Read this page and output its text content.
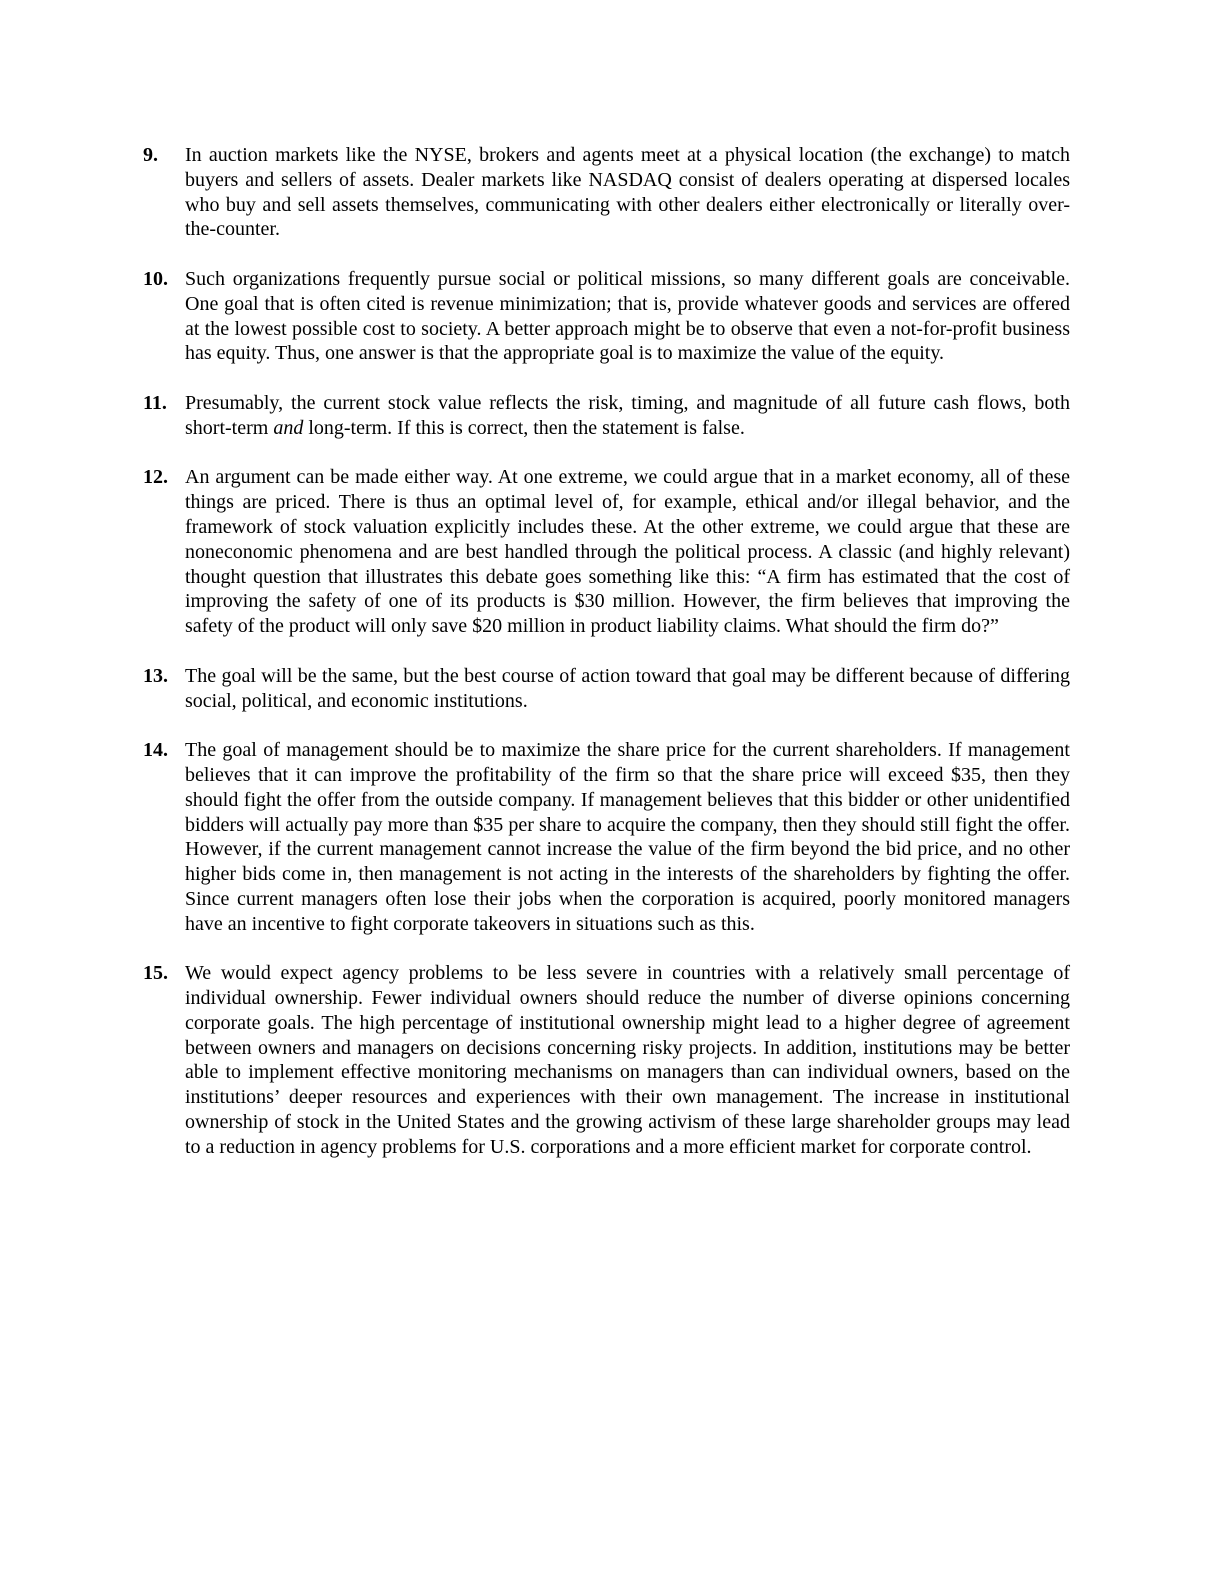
9.	In auction markets like the NYSE, brokers and agents meet at a physical location (the exchange) to match buyers and sellers of assets. Dealer markets like NASDAQ consist of dealers operating at dispersed locales who buy and sell assets themselves, communicating with other dealers either electronically or literally over-the-counter.

10. Such organizations frequently pursue social or political missions, so many different goals are conceivable. One goal that is often cited is revenue minimization; that is, provide whatever goods and services are offered at the lowest possible cost to society. A better approach might be to observe that even a not-for-profit business has equity. Thus, one answer is that the appropriate goal is to maximize the value of the equity.

11. Presumably, the current stock value reflects the risk, timing, and magnitude of all future cash flows, both short-term and long-term. If this is correct, then the statement is false.

12. An argument can be made either way. At one extreme, we could argue that in a market economy, all of these things are priced. There is thus an optimal level of, for example, ethical and/or illegal behavior, and the framework of stock valuation explicitly includes these. At the other extreme, we could argue that these are noneconomic phenomena and are best handled through the political process. A classic (and highly relevant) thought question that illustrates this debate goes something like this: “A firm has estimated that the cost of improving the safety of one of its products is $30 million. However, the firm believes that improving the safety of the product will only save $20 million in product liability claims. What should the firm do?”

13. The goal will be the same, but the best course of action toward that goal may be different because of differing social, political, and economic institutions.

14. The goal of management should be to maximize the share price for the current shareholders. If management believes that it can improve the profitability of the firm so that the share price will exceed $35, then they should fight the offer from the outside company. If management believes that this bidder or other unidentified bidders will actually pay more than $35 per share to acquire the company, then they should still fight the offer. However, if the current management cannot increase the value of the firm beyond the bid price, and no other higher bids come in, then management is not acting in the interests of the shareholders by fighting the offer. Since current managers often lose their jobs when the corporation is acquired, poorly monitored managers have an incentive to fight corporate takeovers in situations such as this.

15. We would expect agency problems to be less severe in countries with a relatively small percentage of individual ownership. Fewer individual owners should reduce the number of diverse opinions concerning corporate goals. The high percentage of institutional ownership might lead to a higher degree of agreement between owners and managers on decisions concerning risky projects. In addition, institutions may be better able to implement effective monitoring mechanisms on managers than can individual owners, based on the institutions’ deeper resources and experiences with their own management. The increase in institutional ownership of stock in the United States and the growing activism of these large shareholder groups may lead to a reduction in agency problems for U.S. corporations and a more efficient market for corporate control.
